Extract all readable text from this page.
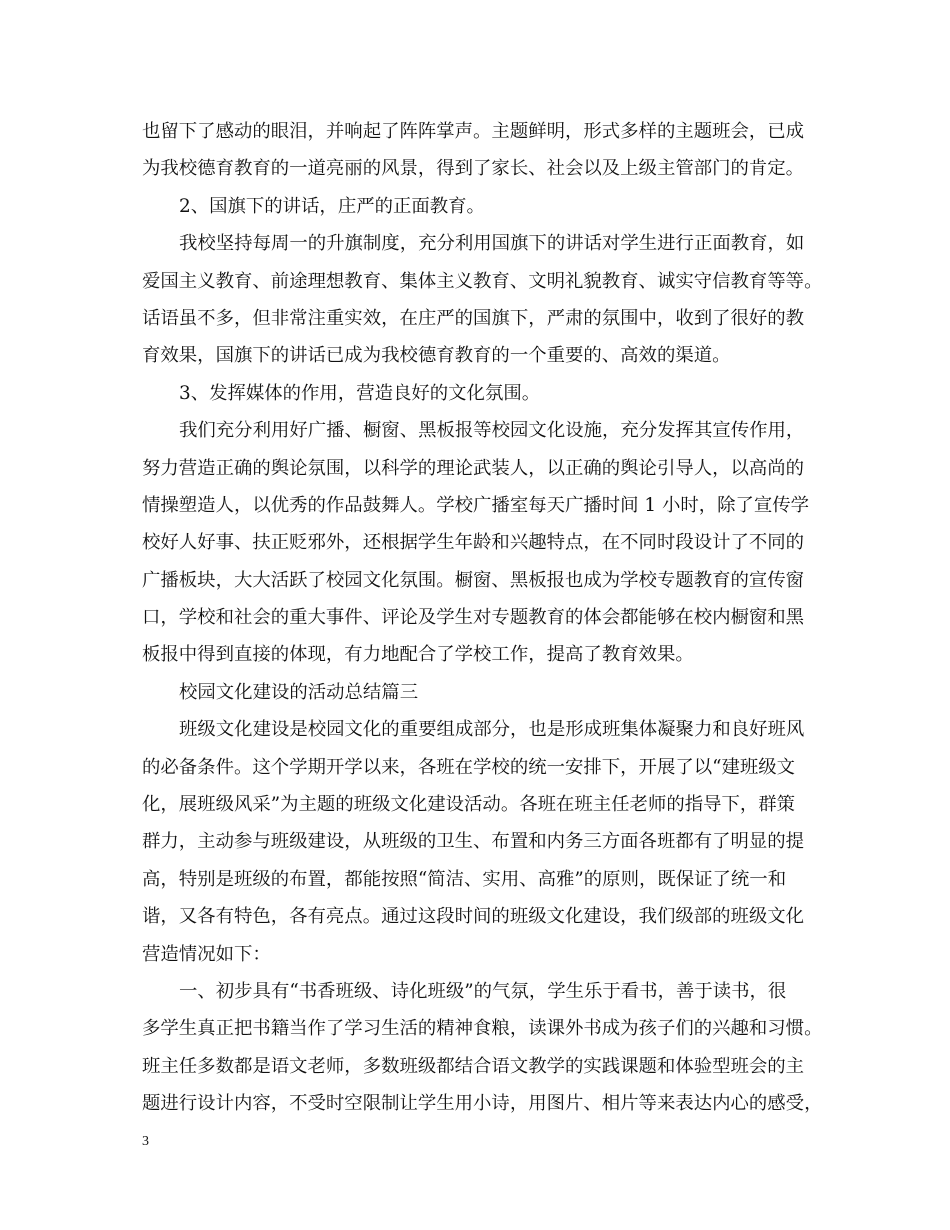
也留下了感动的眼泪，并响起了阵阵掌声。主题鲜明，形式多样的主题班会，已成
为我校德育教育的一道亮丽的风景，得到了家长、社会以及上级主管部门的肯定。
2、国旗下的讲话，庄严的正面教育。
我校坚持每周一的升旗制度，充分利用国旗下的讲话对学生进行正面教育，如
爱国主义教育、前途理想教育、集体主义教育、文明礼貌教育、诚实守信教育等等。
话语虽不多，但非常注重实效，在庄严的国旗下，严肃的氛围中，收到了很好的教
育效果，国旗下的讲话已成为我校德育教育的一个重要的、高效的渠道。
3、发挥媒体的作用，营造良好的文化氛围。
我们充分利用好广播、橱窗、黑板报等校园文化设施，充分发挥其宣传作用，
努力营造正确的舆论氛围，以科学的理论武装人，以正确的舆论引导人，以高尚的
情操塑造人，以优秀的作品鼓舞人。学校广播室每天广播时间 1 小时，除了宣传学
校好人好事、扶正贬邪外，还根据学生年龄和兴趣特点，在不同时段设计了不同的
广播板块，大大活跃了校园文化氛围。橱窗、黑板报也成为学校专题教育的宣传窗
口，学校和社会的重大事件、评论及学生对专题教育的体会都能够在校内橱窗和黑
板报中得到直接的体现，有力地配合了学校工作，提高了教育效果。
校园文化建设的活动总结篇三
班级文化建设是校园文化的重要组成部分，也是形成班集体凝聚力和良好班风
的必备条件。这个学期开学以来，各班在学校的统一安排下，开展了以“建班级文
化，展班级风采”为主题的班级文化建设活动。各班在班主任老师的指导下，群策
群力，主动参与班级建设，从班级的卫生、布置和内务三方面各班都有了明显的提
高，特别是班级的布置，都能按照“简洁、实用、高雅”的原则，既保证了统一和
谐，又各有特色，各有亮点。通过这段时间的班级文化建设，我们级部的班级文化
营造情况如下：
一、初步具有“书香班级、诗化班级”的气氛，学生乐于看书，善于读书，很
多学生真正把书籍当作了学习生活的精神食粮，读课外书成为孩子们的兴趣和习惯。
班主任多数都是语文老师，多数班级都结合语文教学的实践课题和体验型班会的主
题进行设计内容，不受时空限制让学生用小诗，用图片、相片等来表达内心的感受，
3
